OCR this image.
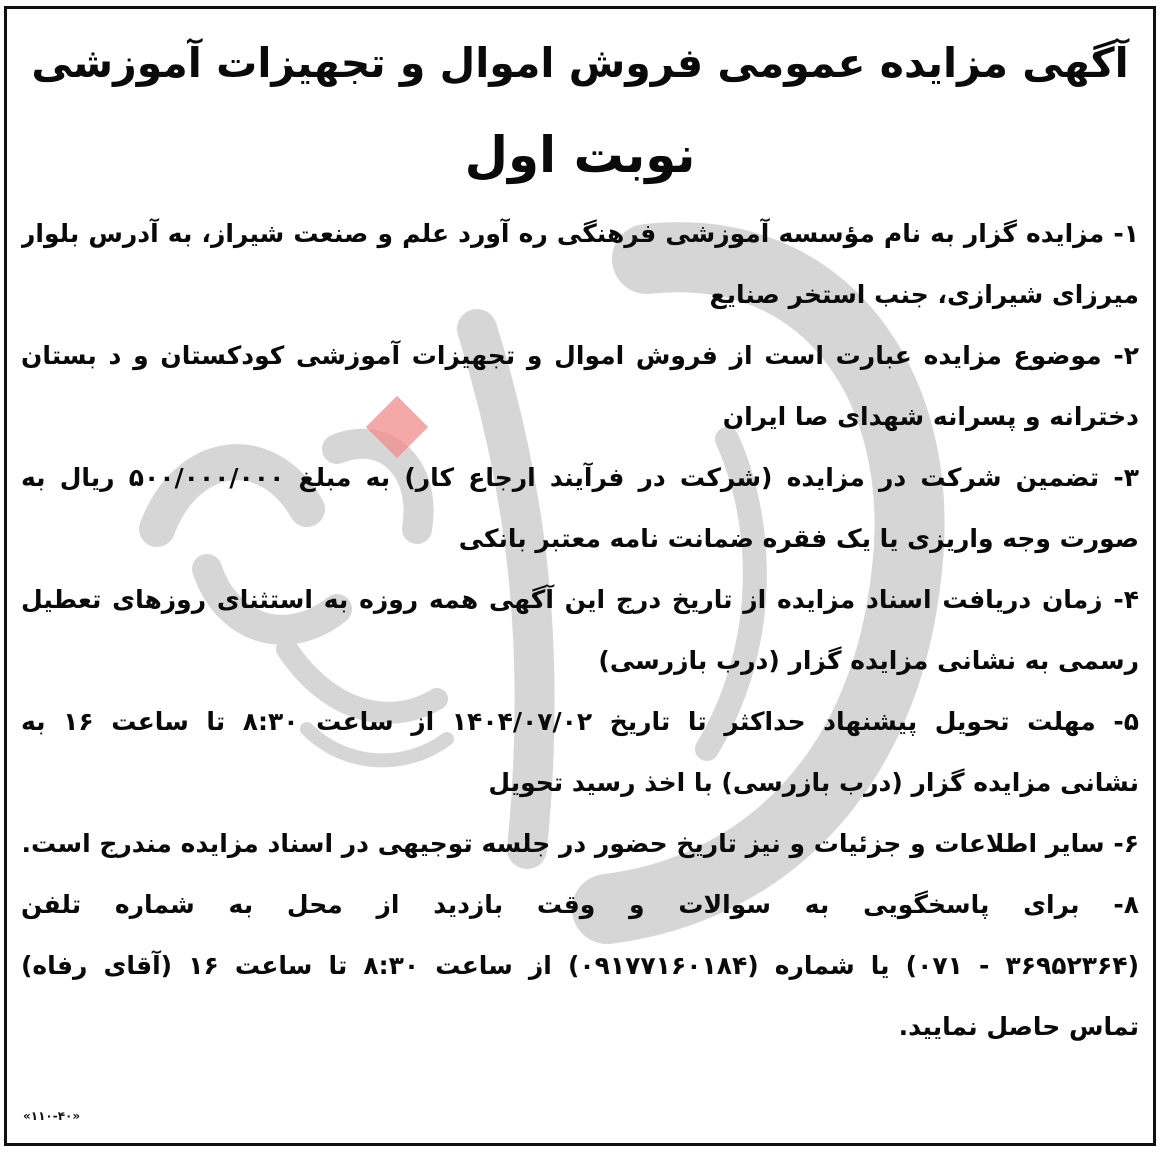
آگهی مزایده عمومی فروش اموال و تجهیزات آموزشی
نوبت اول
۱- مزایده گزار به نام مؤسسه آموزشی فرهنگی ره آورد علم و صنعت شیراز، به آدرس بلوار
میرزای شیرازی، جنب استخر صنایع
۲- موضوع مزایده عبارت است از فروش اموال و تجهیزات آموزشی کودکستان و د بستان
دخترانه و پسرانه شهدای صا ایران
۳- تضمین شرکت در مزایده (شرکت در فرآیند ارجاع کار) به مبلغ ۵۰۰/۰۰۰/۰۰۰ ریال به
صورت وجه واریزی یا یک فقره ضمانت نامه معتبر بانکی
۴- زمان دریافت اسناد مزایده از تاریخ درج این آگهی همه روزه به استثنای روزهای تعطیل
رسمی به نشانی مزایده گزار (درب بازرسی)
۵- مهلت تحویل پیشنهاد حداکثر تا تاریخ ۱۴۰۴/۰۷/۰۲ از ساعت ۸:۳۰ تا ساعت ۱۶ به
نشانی مزایده گزار (درب بازرسی) با اخذ رسید تحویل
۶- سایر اطلاعات و جزئیات و نیز تاریخ حضور در جلسه توجیهی در اسناد مزایده مندرج است.
۸- برای پاسخگویی به سوالات و وقت بازدید از محل به شماره تلفن
(۳۶۹۵۲۳۶۴ - ۰۷۱) یا شماره (۰۹۱۷۷۱۶۰۱۸۴) از ساعت ۸:۳۰ تا ساعت ۱۶ (آقای رفاه)
تماس حاصل نمایید.
«۱۱۰-۴۰»
